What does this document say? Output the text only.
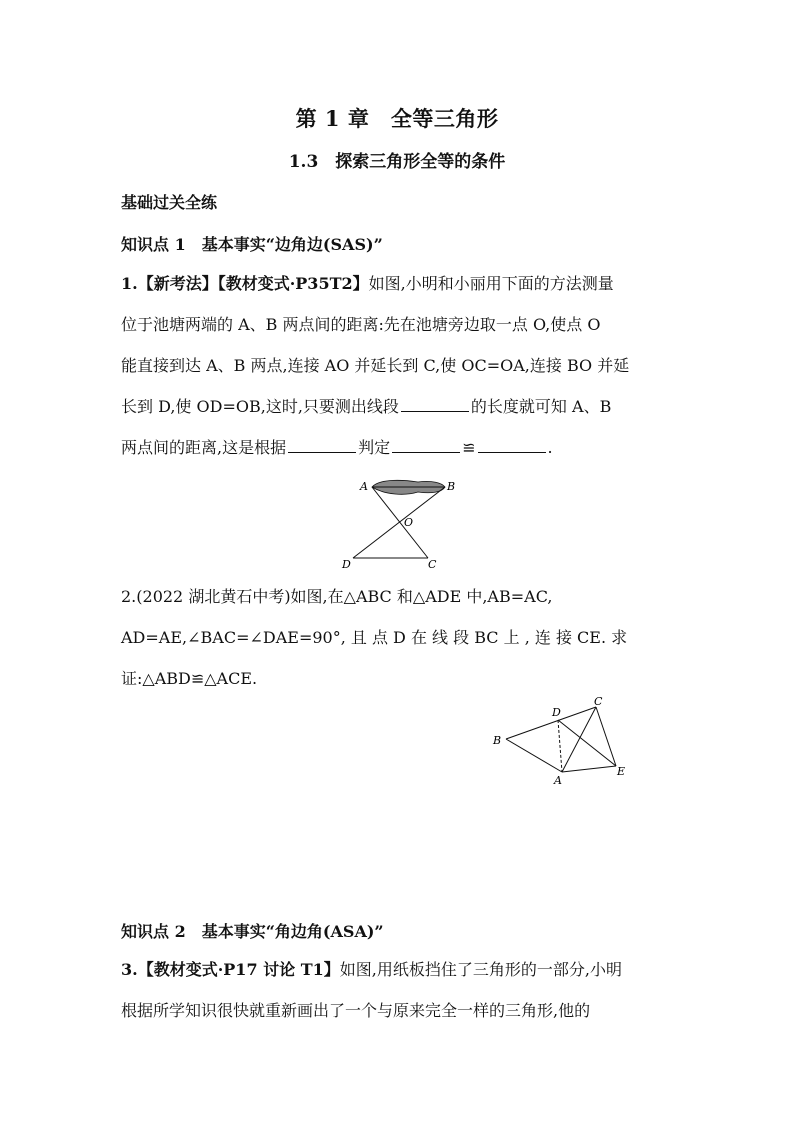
第 1 章　全等三角形
1.3　探索三角形全等的条件
基础过关全练
知识点 1　基本事实“边角边(SAS)”
1.【新考法】【教材变式·P35T2】如图,小明和小丽用下面的方法测量
位于池塘两端的 A、B 两点间的距离:先在池塘旁边取一点 O,使点 O
能直接到达 A、B 两点,连接 AO 并延长到 C,使 OC=OA,连接 BO 并延
长到 D,使 OD=OB,这时,只要测出线段	的长度就可知 A、B
两点间的距离,这是根据	判定	≌	.
A	B
O
D	C
2.(2022 湖北黄石中考)如图,在△ABC 和△ADE 中,AB=AC,
AD=AE,∠BAC=∠DAE=90°, 且 点 D 在 线 段 BC 上 , 连 接 CE. 求
证:△ABD≌△ACE.
D
C
B
A
E
知识点 2　基本事实“角边角(ASA)”
3.【教材变式·P17 讨论 T1】如图,用纸板挡住了三角形的一部分,小明
根据所学知识很快就重新画出了一个与原来完全一样的三角形,他的
